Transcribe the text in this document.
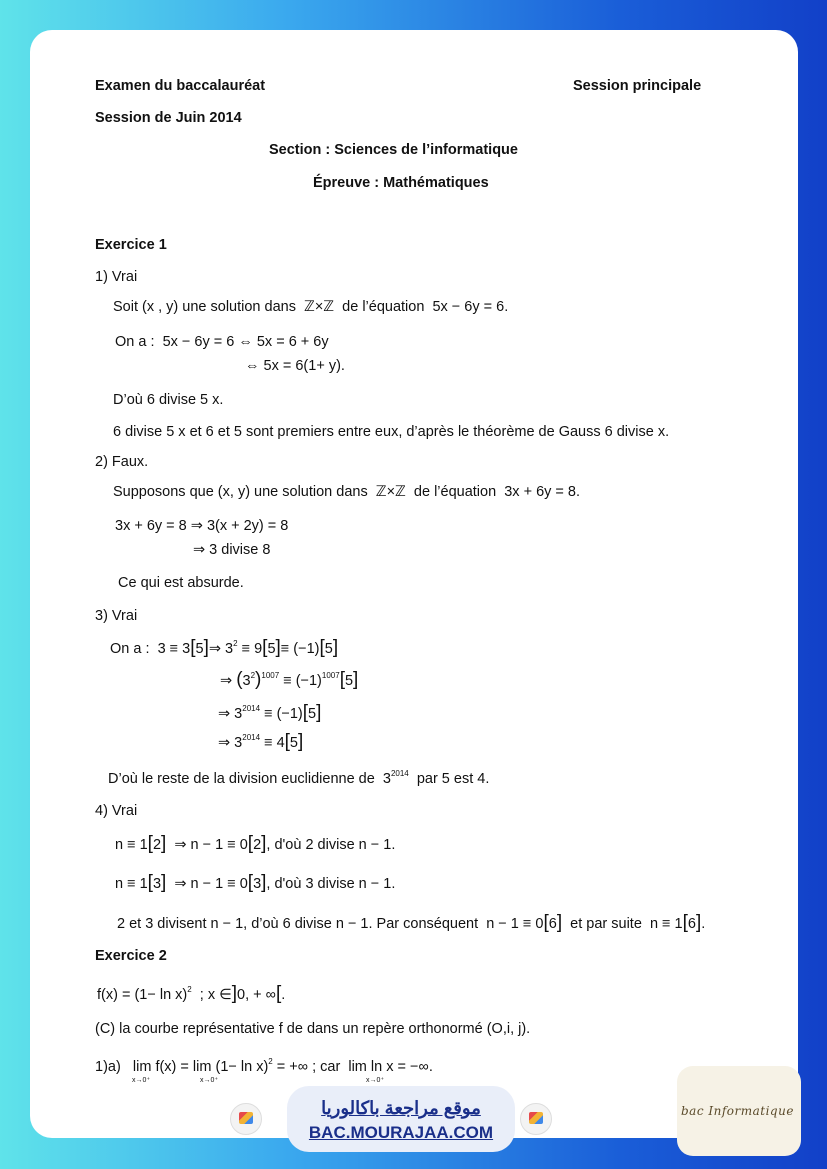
Examen du baccalauréat	Session principale
Session de Juin 2014
Section : Sciences de l’informatique
Épreuve : Mathématiques
Exercice 1
1) Vrai
Soit (x , y) une solution dans ℤ×ℤ de l’équation 5x − 6y = 6.
On a : 5x − 6y = 6 ⇔ 5x = 6 + 6y
⇔ 5x = 6(1+ y).
D’où 6 divise 5 x.
6 divise 5 x et 6 et 5 sont premiers entre eux, d’après le théorème de Gauss 6 divise x.
2) Faux.
Supposons que (x, y) une solution dans ℤ×ℤ de l’équation 3x + 6y = 8.
3x + 6y = 8 ⇒ 3(x + 2y) = 8
⇒ 3 divise 8
Ce qui est absurde.
3) Vrai
On a : 3 ≡ 3[5]⇒ $3^2 \equiv 9[5]\equiv (-1)[5]$
⇒ $(3^2)^{1007} \equiv (-1)^{1007}[5]$
⇒ $3^{2014} \equiv (-1)[5]$
⇒ $3^{2014} \equiv 4[5]$
D’où le reste de la division euclidienne de $3^{2014}$ par 5 est 4.
4) Vrai
n ≡ 1[2] ⇒ n − 1 ≡ 0[2], d'où 2 divise n − 1.
n ≡ 1[3] ⇒ n − 1 ≡ 0[3], d'où 3 divise n − 1.
2 et 3 divisent n − 1, d’où 6 divise n − 1. Par conséquent n − 1 ≡ 0[6] et par suite n ≡ 1[6].
Exercice 2
$f(x) = (1- \ln x)^2$ ; x ∈]0, + ∞[.
(C) la courbe représentative f de dans un repère orthonormé (O,i, j).
1)a) $\lim f(x) = \lim (1- \ln x)^2$ = +∞ ; car lim ln x = −∞.
x→0⁺	x→0⁺	x→0⁺
موقع مراجعة باكالوريا
BAC.MOURAJAA.COM
bac Informatique
